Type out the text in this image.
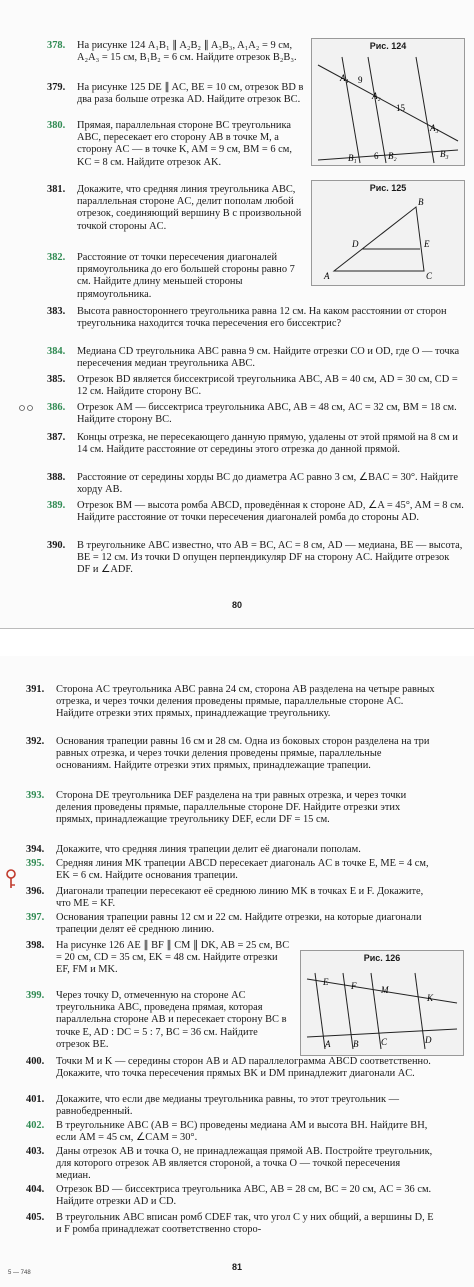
Рис. 124
A₁
A₂
A₃
B₁	B₂	B₃
9
15
6
Рис. 125
B
D	E
A	C
378. На рисунке 124 A₁B₁ ∥ A₂B₂ ∥ A₃B₃, A₁A₂ = 9 см, A₂A₃ = 15 см, B₁B₂ = 6 см. Найдите отрезок B₂B₃.
379. На рисунке 125 DE ∥ AC, BE = 10 см, отрезок BD в два раза больше отрезка AD. Найдите отрезок BC.
380. Прямая, параллельная стороне BC треугольника ABC, пересекает его сторону AB в точке M, а сторону AC — в точке K, AM = 9 см, BM = 6 см, KC = 8 см. Найдите отрезок AK.
381. Докажите, что средняя линия треугольника ABC, параллельная стороне AC, делит пополам любой отрезок, соединяющий вершину B с произвольной точкой стороны AC.
382. Расстояние от точки пересечения диагоналей прямоугольника до его большей стороны равно 7 см. Найдите длину меньшей стороны прямоугольника.
383. Высота равностороннего треугольника равна 12 см. На каком расстоянии от сторон треугольника находится точка пересечения его биссектрис?
384. Медиана CD треугольника ABC равна 9 см. Найдите отрезки CO и OD, где O — точка пересечения медиан треугольника ABC.
385. Отрезок BD является биссектрисой треугольника ABC, AB = 40 см, AD = 30 см, CD = 12 см. Найдите сторону BC.
386. Отрезок AM — биссектриса треугольника ABC, AB = 48 см, AC = 32 см, BM = 18 см. Найдите сторону BC.
387. Концы отрезка, не пересекающего данную прямую, удалены от этой прямой на 8 см и 14 см. Найдите расстояние от середины этого отрезка до данной прямой.
388. Расстояние от середины хорды BC до диаметра AC равно 3 см, ∠BAC = 30°. Найдите хорду AB.
389. Отрезок BM — высота ромба ABCD, проведённая к стороне AD, ∠A = 45°, AM = 8 см. Найдите расстояние от точки пересечения диагоналей ромба до стороны AD.
390. В треугольнике ABC известно, что AB = BC, AC = 8 см, AD — медиана, BE — высота, BE = 12 см. Из точки D опущен перпендикуляр DF на сторону AC. Найдите отрезок DF и ∠ADF.
80
Рис. 126
E	F	M
K
A	B	C	D
391. Сторона AC треугольника ABC равна 24 см, сторона AB разделена на четыре равных отрезка, и через точки деления проведены прямые, параллельные стороне AC. Найдите отрезки этих прямых, принадлежащие треугольнику.
392. Основания трапеции равны 16 см и 28 см. Одна из боковых сторон разделена на три равных отрезка, и через точки деления проведены прямые, параллельные основаниям. Найдите отрезки этих прямых, принадлежащие трапеции.
393. Сторона DE треугольника DEF разделена на три равных отрезка, и через точки деления проведены прямые, параллельные стороне DF. Найдите отрезки этих прямых, принадлежащие треугольнику DEF, если DF = 15 см.
394. Докажите, что средняя линия трапеции делит её диагонали пополам.
395. Средняя линия MK трапеции ABCD пересекает диагональ AC в точке E, ME = 4 см, EK = 6 см. Найдите основания трапеции.
396. Диагонали трапеции пересекают её среднюю линию MK в точках E и F. Докажите, что ME = KF.
397. Основания трапеции равны 12 см и 22 см. Найдите отрезки, на которые диагонали трапеции делят её среднюю линию.
398. На рисунке 126 AE ∥ BF ∥ CM ∥ DK, AB = 25 см, BC = 20 см, CD = 35 см, EK = 48 см. Найдите отрезки EF, FM и MK.
399. Через точку D, отмеченную на стороне AC треугольника ABC, проведена прямая, которая параллельна стороне AB и пересекает сторону BC в точке E, AD : DC = 5 : 7, BC = 36 см. Найдите отрезок BE.
400. Точки M и K — середины сторон AB и AD параллелограмма ABCD соответственно. Докажите, что точка пересечения прямых BK и DM принадлежит диагонали AC.
401. Докажите, что если две медианы треугольника равны, то этот треугольник — равнобедренный.
402. В треугольнике ABC (AB = BC) проведены медиана AM и высота BH. Найдите BH, если AM = 45 см, ∠CAM = 30°.
403. Даны отрезок AB и точка O, не принадлежащая прямой AB. Постройте треугольник, для которого отрезок AB является стороной, а точка O — точкой пересечения медиан.
404. Отрезок BD — биссектриса треугольника ABC, AB = 28 см, BC = 20 см, AC = 36 см. Найдите отрезки AD и CD.
405. В треугольник ABC вписан ромб CDEF так, что угол C у них общий, а вершины D, E и F ромба принадлежат соответственно сторо-
5 — 748
81
